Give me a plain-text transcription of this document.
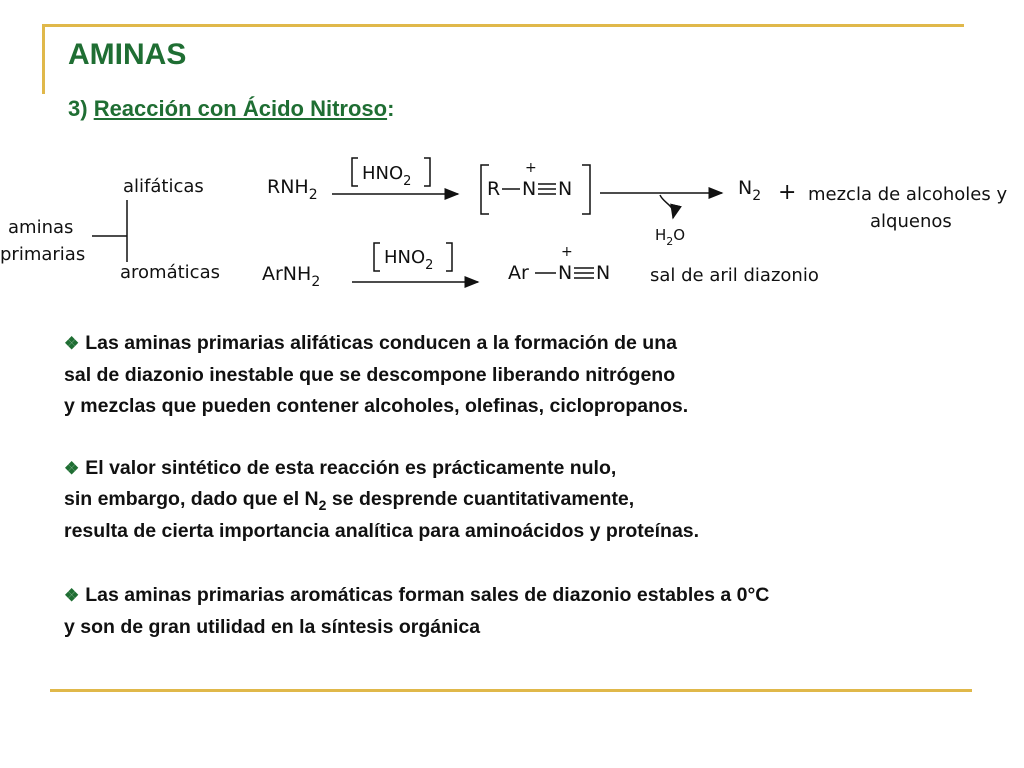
AMINAS
3) Reacción con Ácido Nitroso:
aminas
primarias
alifáticas
aromáticas
$RNH_2$
$HNO_2$	R N
+
N
$H_2O$
$N_2$ + mezcla de alcoholes y
alquenos
ArNH$_2$
$HNO_2$	Ar N
+
N sal de aril diazonio

❖ Las aminas primarias alifáticas conducen a la formación de una
sal de diazonio inestable que se descompone liberando nitrógeno
y mezclas que pueden contener alcoholes, olefinas, ciclopropanos.

❖ El valor sintético de esta reacción es prácticamente nulo,
sin embargo, dado que el $N_2$ se desprende cuantitativamente,
resulta de cierta importancia analítica para aminoácidos y proteínas.

❖ Las aminas primarias aromáticas forman sales de diazonio estables a 0°C
y son de gran utilidad en la síntesis orgánica
